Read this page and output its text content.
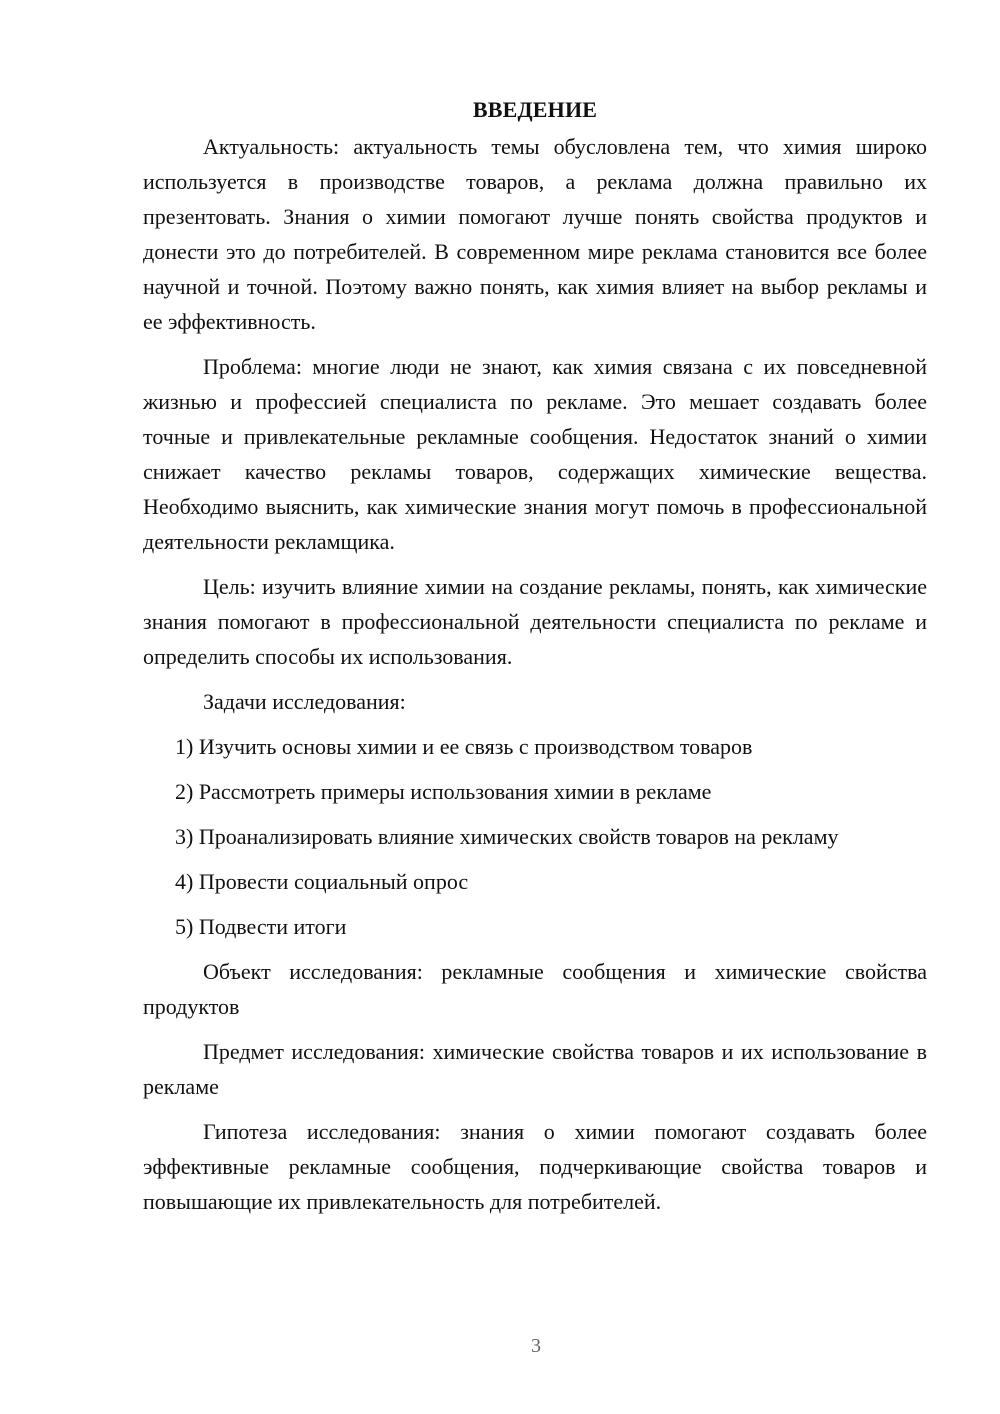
ВВЕДЕНИЕ

Актуальность: актуальность темы обусловлена тем, что химия широко используется в производстве товаров, а реклама должна правильно их презентовать. Знания о химии помогают лучше понять свойства продуктов и донести это до потребителей. В современном мире реклама становится все более научной и точной. Поэтому важно понять, как химия влияет на выбор рекламы и ее эффективность.

Проблема: многие люди не знают, как химия связана с их повседневной жизнью и профессией специалиста по рекламе. Это мешает создавать более точные и привлекательные рекламные сообщения. Недостаток знаний о химии снижает качество рекламы товаров, содержащих химические вещества. Необходимо выяснить, как химические знания могут помочь в профессиональной деятельности рекламщика.

Цель: изучить влияние химии на создание рекламы, понять, как химические знания помогают в профессиональной деятельности специалиста по рекламе и определить способы их использования.

Задачи исследования:

1) Изучить основы химии и ее связь с производством товаров
2) Рассмотреть примеры использования химии в рекламе
3) Проанализировать влияние химических свойств товаров на рекламу
4) Провести социальный опрос
5) Подвести итоги

Объект исследования: рекламные сообщения и химические свойства продуктов

Предмет исследования: химические свойства товаров и их использование в рекламе

Гипотеза исследования: знания о химии помогают создавать более эффективные рекламные сообщения, подчеркивающие свойства товаров и повышающие их привлекательность для потребителей.

3
